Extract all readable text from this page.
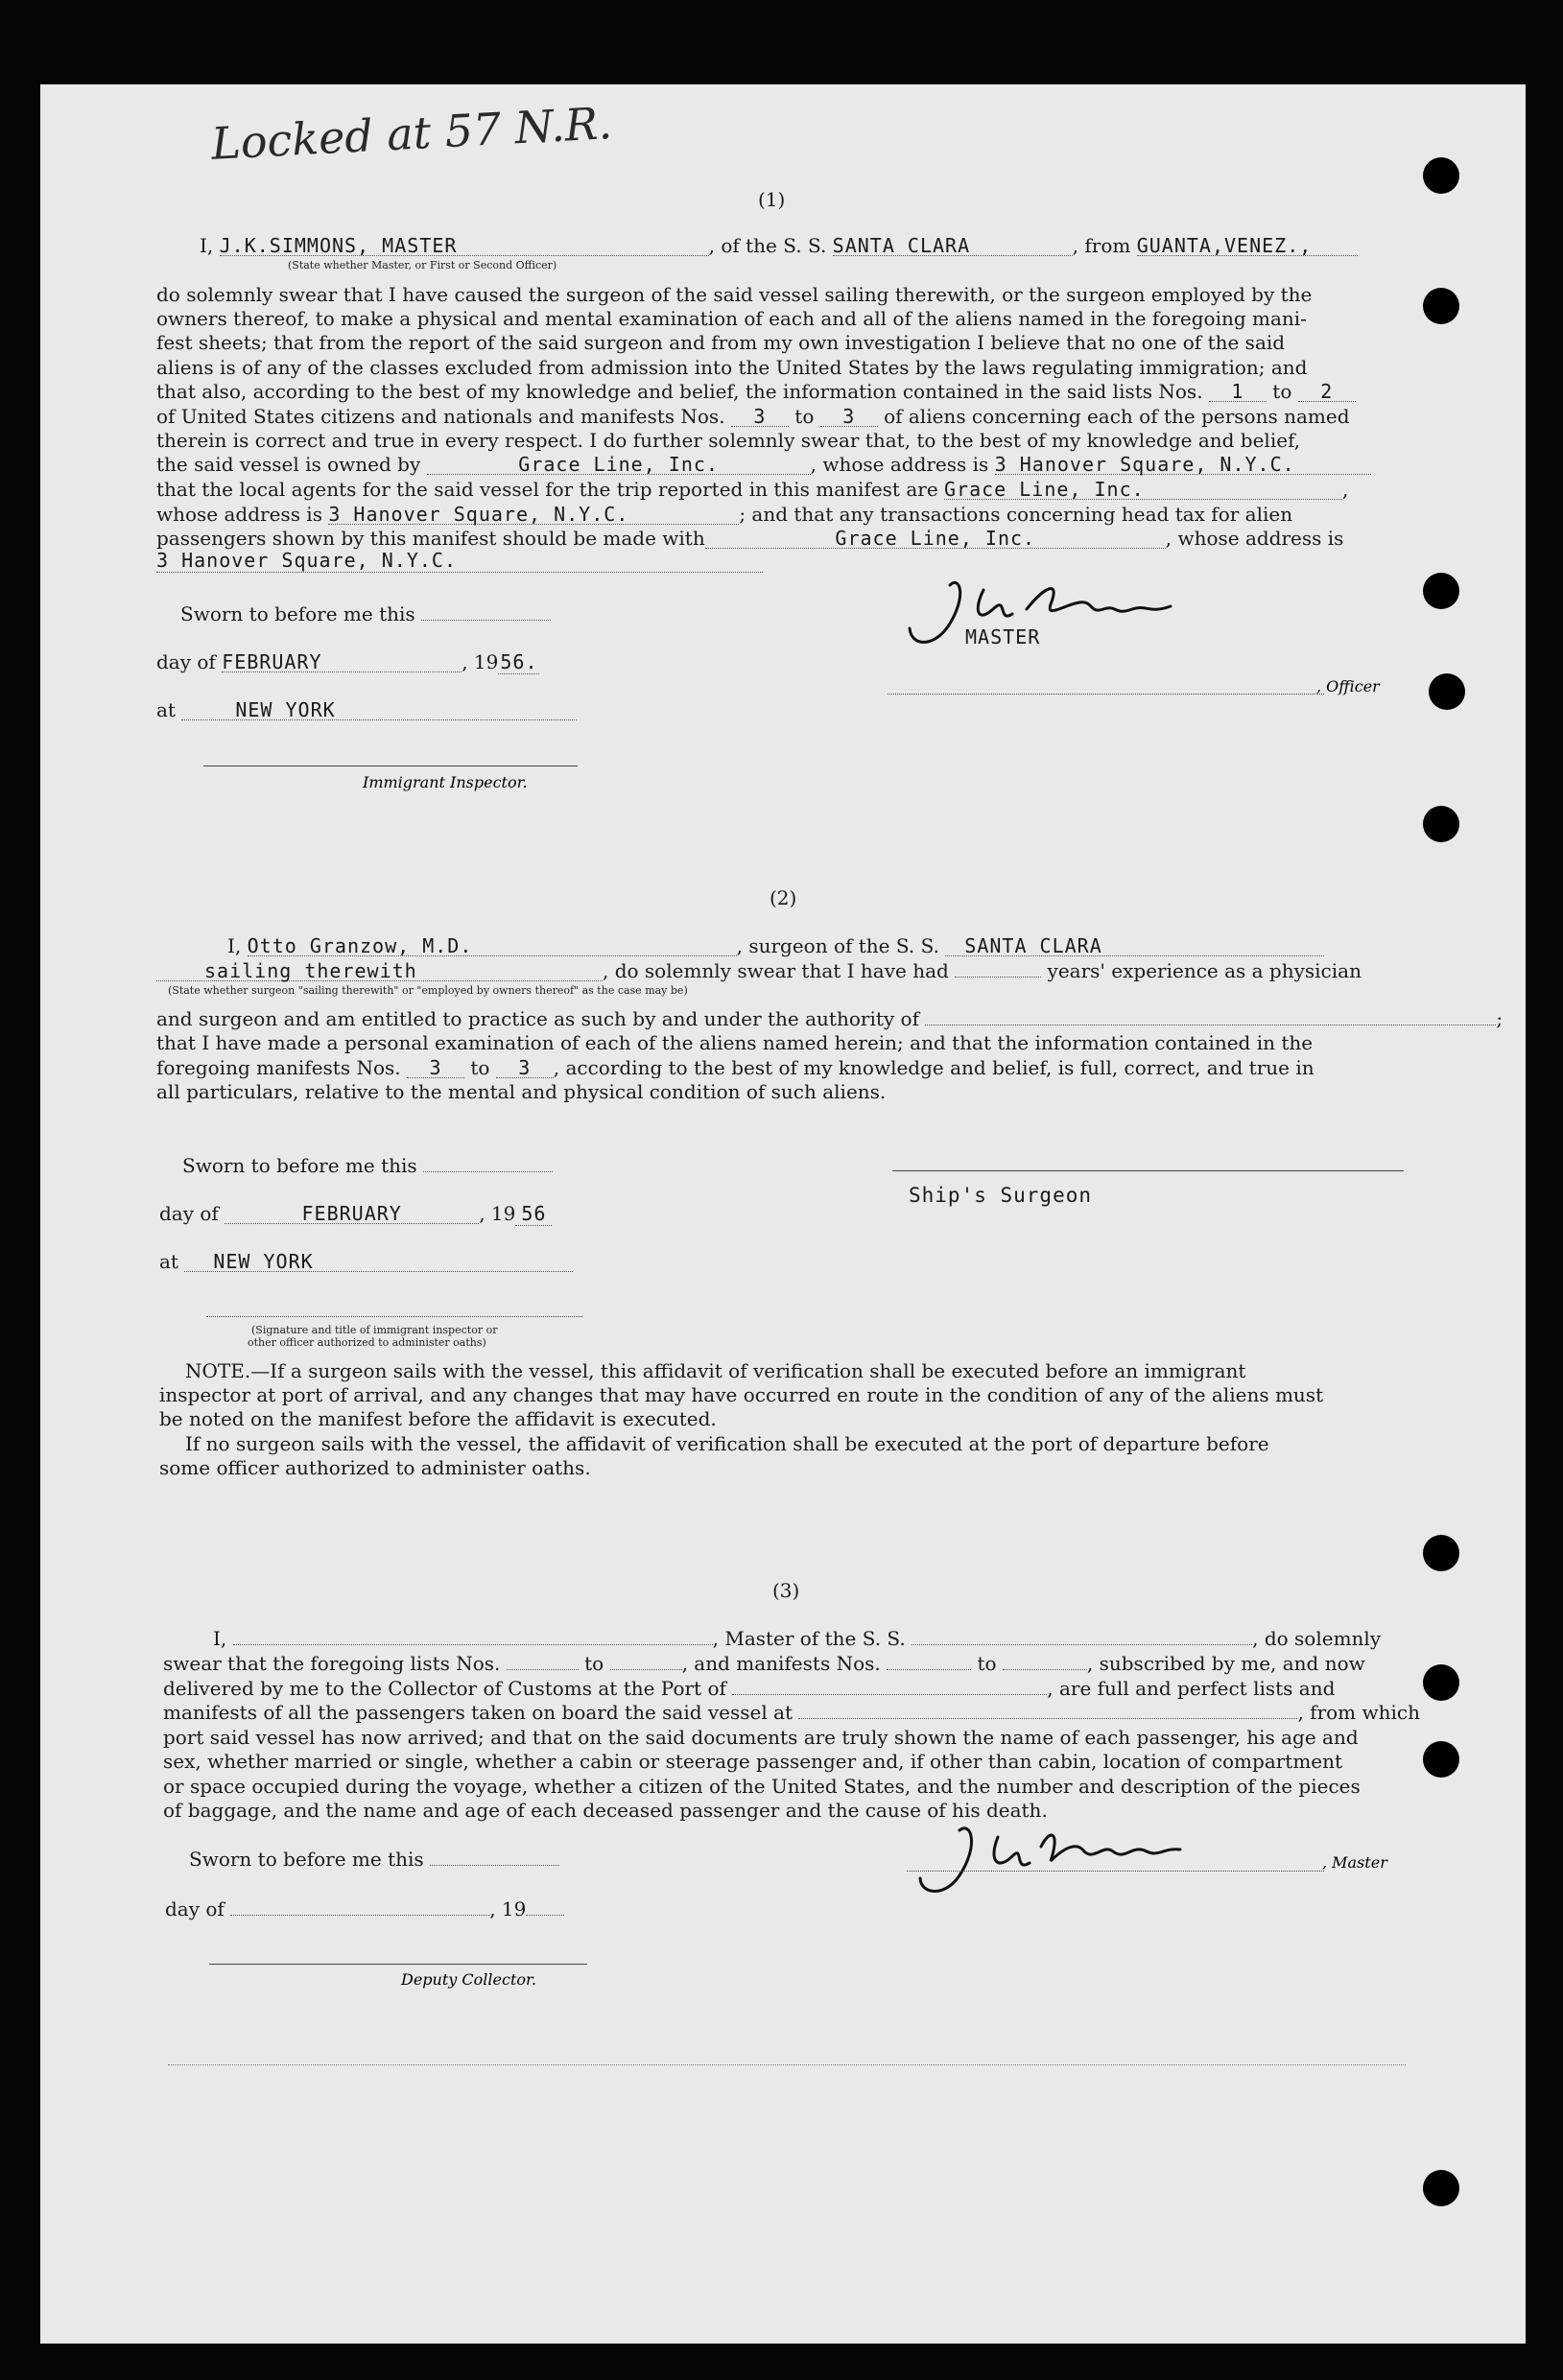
Locked at 57 N.R.
(1)
I, J.K.SIMMONS, MASTER	, of the S. S. SANTA CLARA	, from GUANTA,VENEZ.,
(State whether Master, or First or Second Officer)
do solemnly swear that I have caused the surgeon of the said vessel sailing therewith, or the surgeon employed by the
owners thereof, to make a physical and mental examination of each and all of the aliens named in the foregoing mani-
fest sheets; that from the report of the said surgeon and from my own investigation I believe that no one of the said
aliens is of any of the classes excluded from admission into the United States by the laws regulating immigration; and
that also, according to the best of my knowledge and belief, the information contained in the said lists Nos. 1 to 2
of United States citizens and nationals and manifests Nos. 3 to 3 of aliens concerning each of the persons named
therein is correct and true in every respect. I do further solemnly swear that, to the best of my knowledge and belief,
the said vessel is owned by	Grace Line, Inc.	, whose address is 3 Hanover Square, N.Y.C.
that the local agents for the said vessel for the trip reported in this manifest are Grace Line, Inc.	,
whose address is 3 Hanover Square, N.Y.C.	; and that any transactions concerning head tax for alien
passengers shown by this manifest should be made with	Grace Line, Inc.	, whose address is
3 Hanover Square, N.Y.C.
Sworn to before me this
day of FEBRUARY	, 19 56.
at	NEW YORK
Immigrant Inspector.
MASTER
, Officer
(2)
I, Otto Granzow, M.D.	, surgeon of the S. S. SANTA CLARA
sailing therewith	, do solemnly swear that I have had	years' experience as a physician
(State whether surgeon "sailing therewith" or "employed by owners thereof" as the case may be)
and surgeon and am entitled to practice as such by and under the authority of	;
that I have made a personal examination of each of the aliens named herein; and that the information contained in the
foregoing manifests Nos. 3 to 3 , according to the best of my knowledge and belief, is full, correct, and true in
all particulars, relative to the mental and physical condition of such aliens.
Sworn to before me this
day of	FEBRUARY	, 19 56
at NEW YORK
(Signature and title of immigrant inspector or
other officer authorized to administer oaths)
Ship's Surgeon
NOTE.—If a surgeon sails with the vessel, this affidavit of verification shall be executed before an immigrant
inspector at port of arrival, and any changes that may have occurred en route in the condition of any of the aliens must
be noted on the manifest before the affidavit is executed.
If no surgeon sails with the vessel, the affidavit of verification shall be executed at the port of departure before
some officer authorized to administer oaths.
(3)
I,	, Master of the S. S.	, do solemnly
swear that the foregoing lists Nos.	to	, and manifests Nos.	to	, subscribed by me, and now
delivered by me to the Collector of Customs at the Port of	, are full and perfect lists and
manifests of all the passengers taken on board the said vessel at	, from which
port said vessel has now arrived; and that on the said documents are truly shown the name of each passenger, his age and
sex, whether married or single, whether a cabin or steerage passenger and, if other than cabin, location of compartment
or space occupied during the voyage, whether a citizen of the United States, and the number and description of the pieces
of baggage, and the name and age of each deceased passenger and the cause of his death.
Sworn to before me this
day of	, 19
Deputy Collector.
, Master
